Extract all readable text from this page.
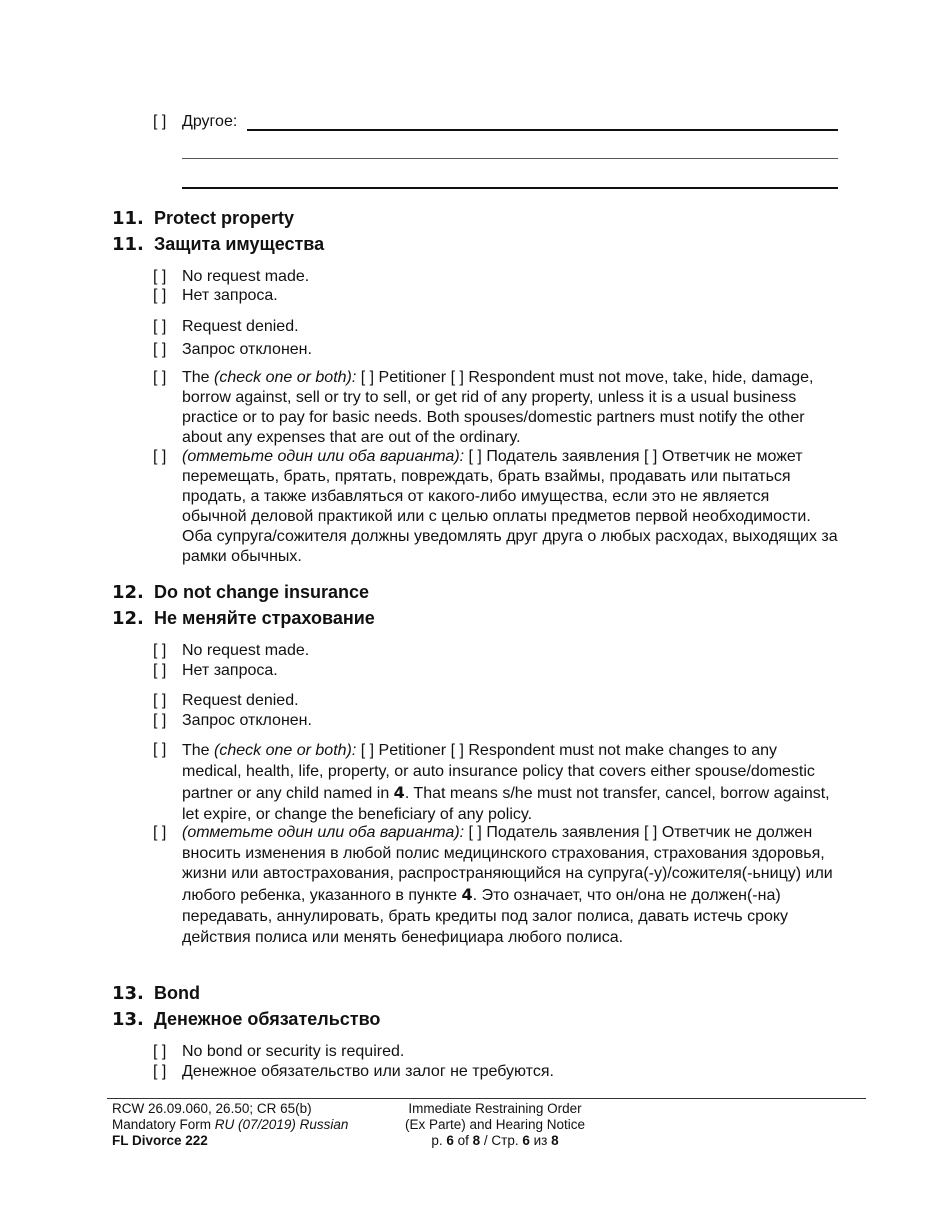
[ ] Другое:
11. Protect property
11. Защита имущества
[ ] No request made.
[ ] Нет запроса.
[ ] Request denied.
[ ] Запрос отклонен.
[ ] The (check one or both): [ ] Petitioner [ ] Respondent must not move, take, hide, damage, borrow against, sell or try to sell, or get rid of any property, unless it is a usual business practice or to pay for basic needs. Both spouses/domestic partners must notify the other about any expenses that are out of the ordinary.
[ ] (отметьте один или оба варианта): [ ] Податель заявления [ ] Ответчик не может перемещать, брать, прятать, повреждать, брать взаймы, продавать или пытаться продать, а также избавляться от какого-либо имущества, если это не является обычной деловой практикой или с целью оплаты предметов первой необходимости. Оба супруга/сожителя должны уведомлять друг друга о любых расходах, выходящих за рамки обычных.
12. Do not change insurance
12. Не меняйте страхование
[ ] No request made.
[ ] Нет запроса.
[ ] Request denied.
[ ] Запрос отклонен.
[ ] The (check one or both): [ ] Petitioner [ ] Respondent must not make changes to any medical, health, life, property, or auto insurance policy that covers either spouse/domestic partner or any child named in 4. That means s/he must not transfer, cancel, borrow against, let expire, or change the beneficiary of any policy.
[ ] (отметьте один или оба варианта): [ ] Податель заявления [ ] Ответчик не должен вносить изменения в любой полис медицинского страхования, страхования здоровья, жизни или автострахования, распространяющийся на супруга(-у)/сожителя(-ьницу) или любого ребенка, указанного в пункте 4. Это означает, что он/она не должен(-на) передавать, аннулировать, брать кредиты под залог полиса, давать истечь сроку действия полиса или менять бенефициара любого полиса.
13. Bond
13. Денежное обязательство
[ ] No bond or security is required.
[ ] Денежное обязательство или залог не требуются.
RCW 26.09.060, 26.50; CR 65(b)
Mandatory Form RU (07/2019) Russian
FL Divorce 222
Immediate Restraining Order
(Ex Parte) and Hearing Notice
p. 6 of 8 / Стр. 6 из 8
